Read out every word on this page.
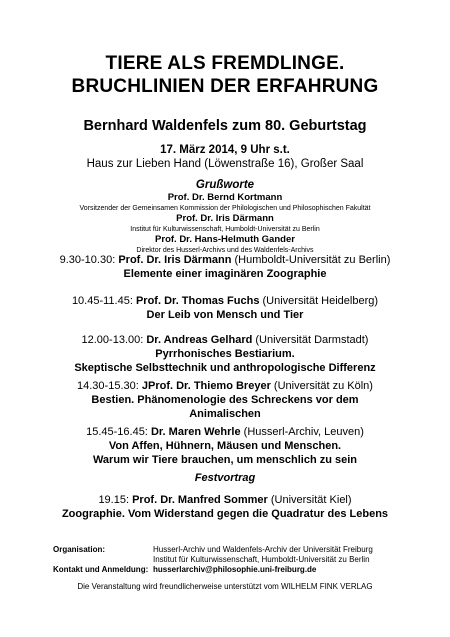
TIERE ALS FREMDLINGE.
BRUCHLINIEN DER ERFAHRUNG
Bernhard Waldenfels zum 80. Geburtstag
17. März 2014, 9 Uhr s.t.
Haus zur Lieben Hand (Löwenstraße 16), Großer Saal
Grußworte
Prof. Dr. Bernd Kortmann
Vorsitzender der Gemeinsamen Kommission der Philologischen und Philosophischen Fakultät
Prof. Dr. Iris Därmann
Institut für Kulturwissenschaft, Humboldt-Universität zu Berlin
Prof. Dr. Hans-Helmuth Gander
Direktor des Husserl-Archivs und des Waldenfels-Archivs
9.30-10.30: Prof. Dr. Iris Därmann (Humboldt-Universität zu Berlin)
Elemente einer imaginären Zoographie
10.45-11.45: Prof. Dr. Thomas Fuchs (Universität Heidelberg)
Der Leib von Mensch und Tier
12.00-13.00: Dr. Andreas Gelhard (Universität Darmstadt)
Pyrrhonisches Bestiarium.
Skeptische Selbsttechnik und anthropologische Differenz
14.30-15.30: JProf. Dr. Thiemo Breyer (Universität zu Köln)
Bestien. Phänomenologie des Schreckens vor dem
Animalischen
15.45-16.45: Dr. Maren Wehrle (Husserl-Archiv, Leuven)
Von Affen, Hühnern, Mäusen und Menschen.
Warum wir Tiere brauchen, um menschlich zu sein
Festvortrag
19.15: Prof. Dr. Manfred Sommer (Universität Kiel)
Zoographie. Vom Widerstand gegen die Quadratur des Lebens
Organisation:	Husserl-Archiv und Waldenfels-Archiv der Universität Freiburg
Institut für Kulturwissenschaft, Humboldt-Universität zu Berlin
Kontakt und Anmeldung: husserlarchiv@philosophie.uni-freiburg.de
Die Veranstaltung wird freundlicherweise unterstützt vom WILHELM FINK VERLAG
